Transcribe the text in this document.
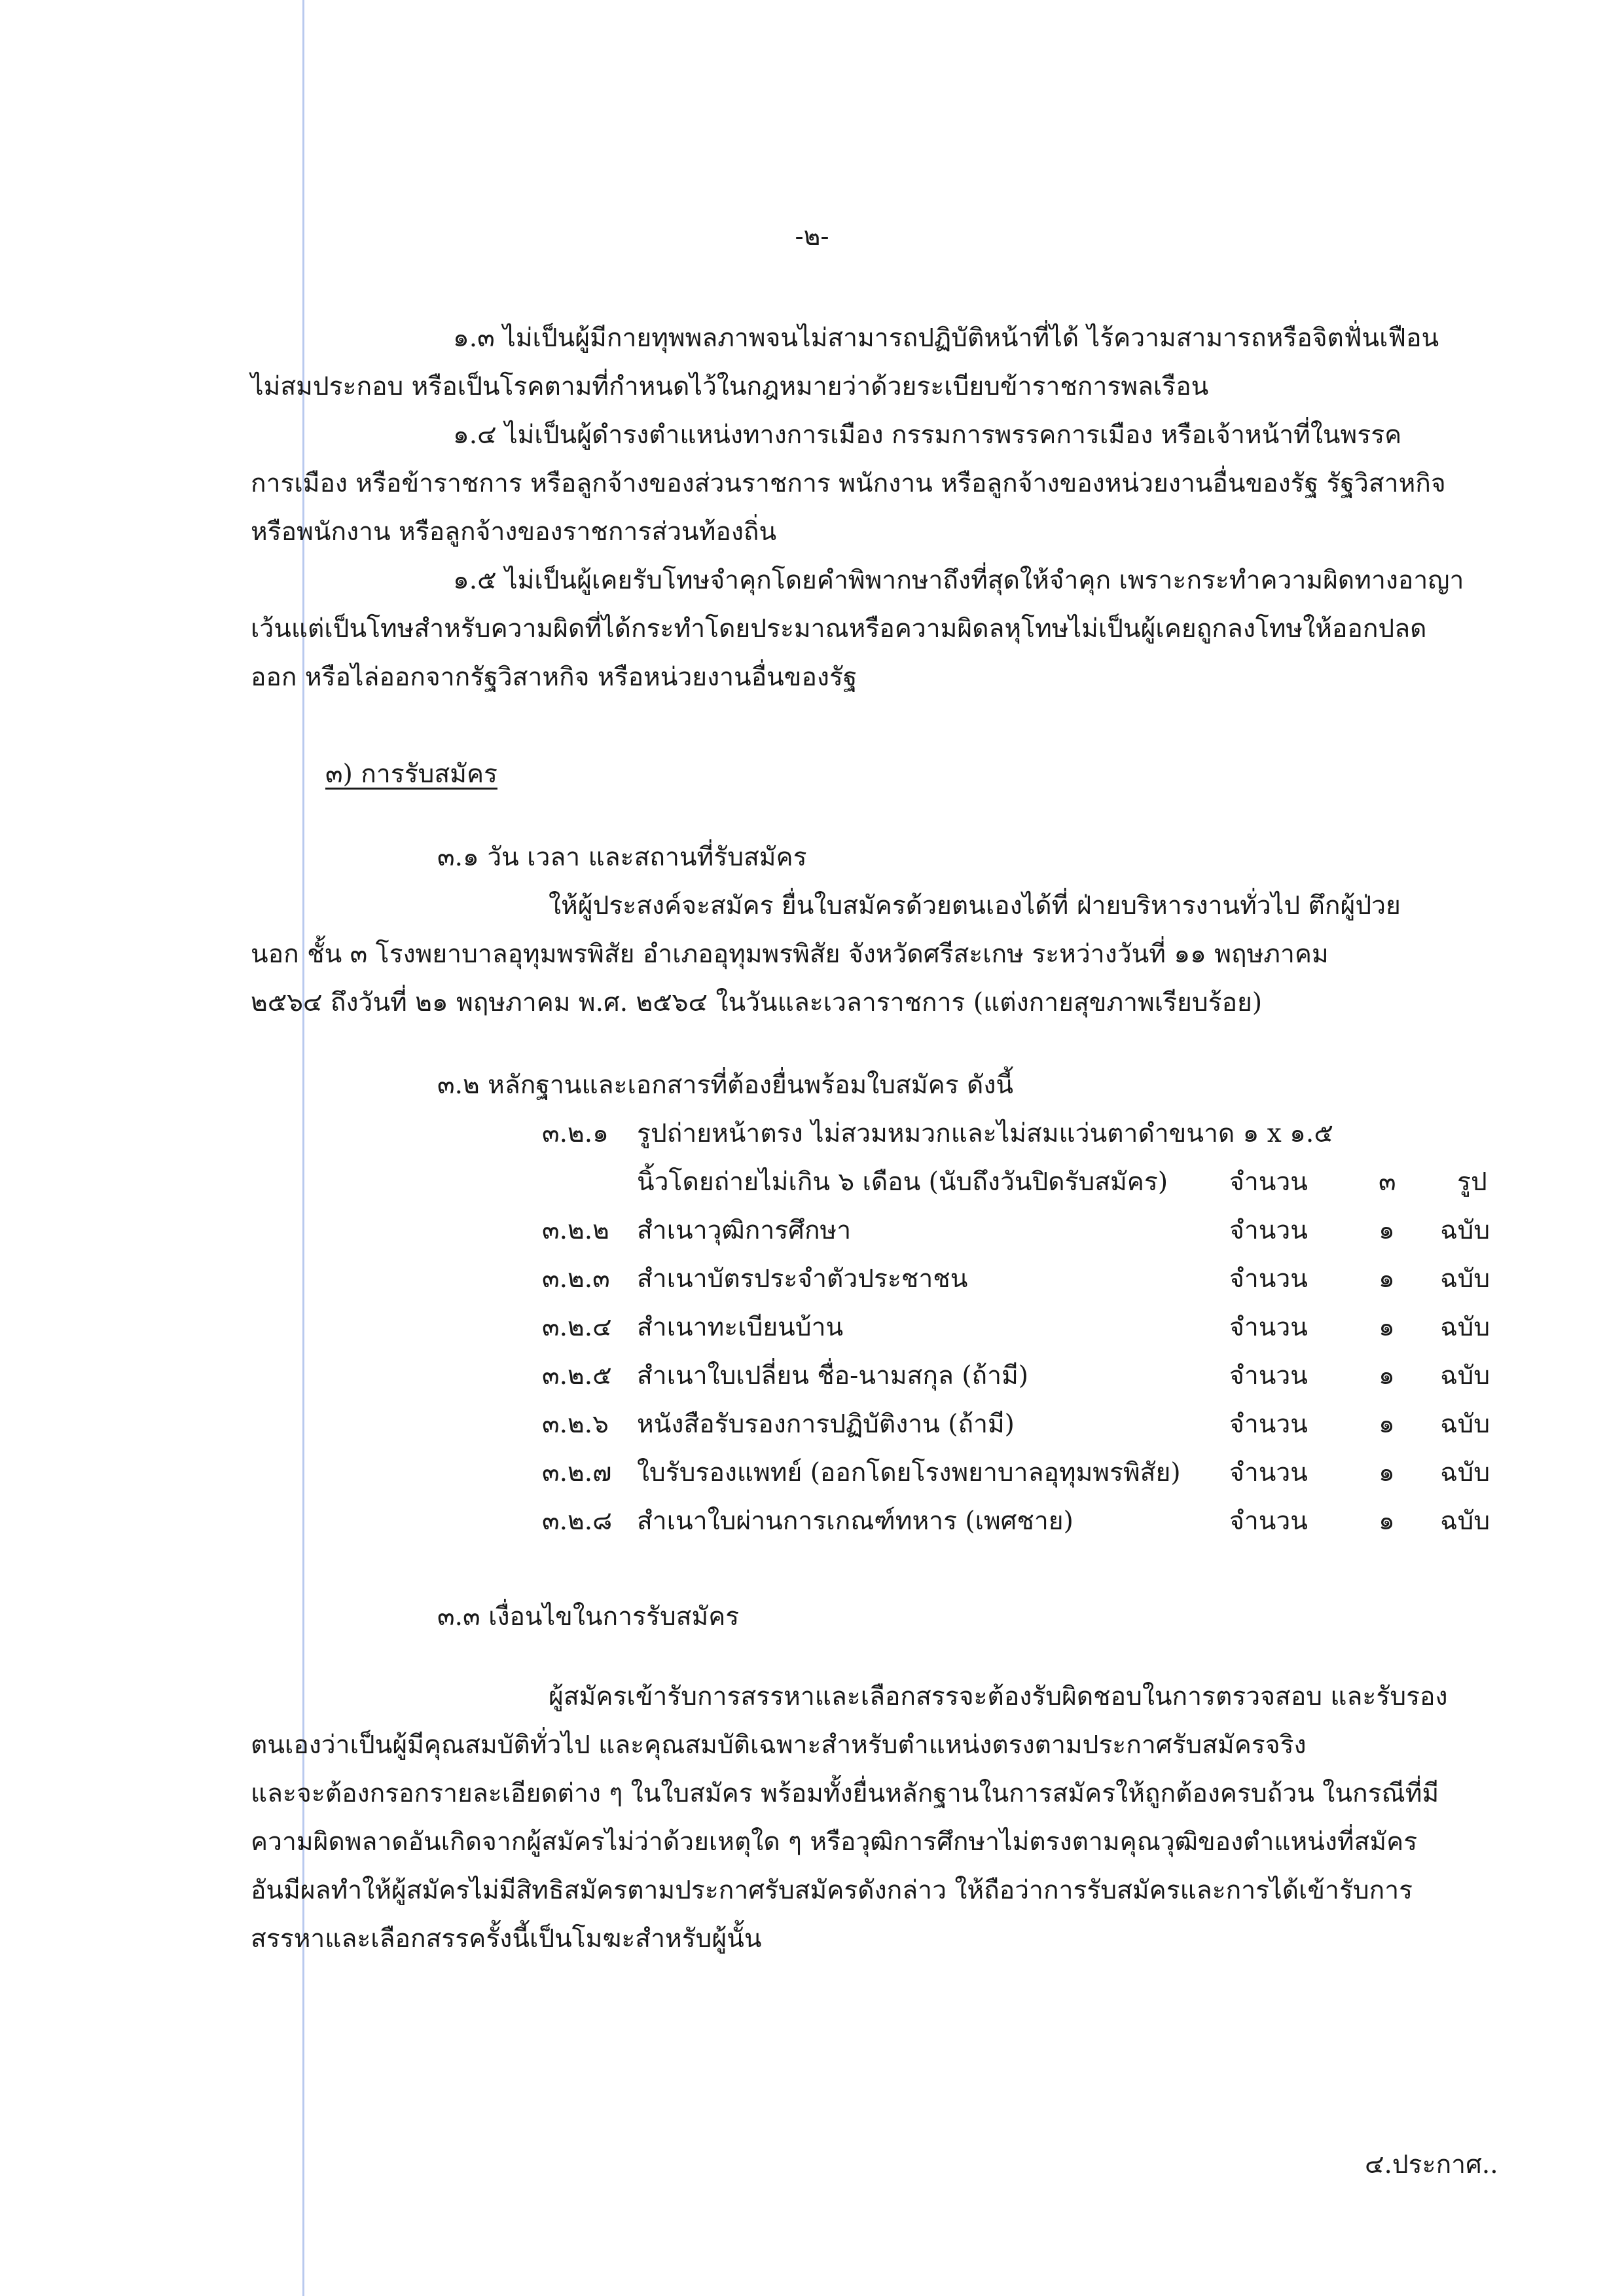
-๒-
๑.๓ ไม่เป็นผู้มีกายทุพพลภาพจนไม่สามารถปฏิบัติหน้าที่ได้ ไร้ความสามารถหรือจิตฟั่นเฟือน
ไม่สมประกอบ หรือเป็นโรคตามที่กำหนดไว้ในกฎหมายว่าด้วยระเบียบข้าราชการพลเรือน
๑.๔ ไม่เป็นผู้ดำรงตำแหน่งทางการเมือง กรรมการพรรคการเมือง หรือเจ้าหน้าที่ในพรรค
การเมือง หรือข้าราชการ หรือลูกจ้างของส่วนราชการ พนักงาน หรือลูกจ้างของหน่วยงานอื่นของรัฐ รัฐวิสาหกิจ
หรือพนักงาน หรือลูกจ้างของราชการส่วนท้องถิ่น
๑.๕ ไม่เป็นผู้เคยรับโทษจำคุกโดยคำพิพากษาถึงที่สุดให้จำคุก เพราะกระทำความผิดทางอาญา
เว้นแต่เป็นโทษสำหรับความผิดที่ได้กระทำโดยประมาณหรือความผิดลหุโทษไม่เป็นผู้เคยถูกลงโทษให้ออกปลด
ออก หรือไล่ออกจากรัฐวิสาหกิจ หรือหน่วยงานอื่นของรัฐ
๓) การรับสมัคร
๓.๑ วัน เวลา และสถานที่รับสมัคร
ให้ผู้ประสงค์จะสมัคร ยื่นใบสมัครด้วยตนเองได้ที่ ฝ่ายบริหารงานทั่วไป ตึกผู้ป่วย
นอก ชั้น ๓ โรงพยาบาลอุทุมพรพิสัย อำเภออุทุมพรพิสัย จังหวัดศรีสะเกษ ระหว่างวันที่ ๑๑ พฤษภาคม
๒๕๖๔ ถึงวันที่ ๒๑ พฤษภาคม พ.ศ. ๒๕๖๔ ในวันและเวลาราชการ (แต่งกายสุขภาพเรียบร้อย)
๓.๒ หลักฐานและเอกสารที่ต้องยื่นพร้อมใบสมัคร ดังนี้
๓.๒.๑ รูปถ่ายหน้าตรง ไม่สวมหมวกและไม่สมแว่นตาดำขนาด ๑ x ๑.๕
นิ้วโดยถ่ายไม่เกิน ๖ เดือน (นับถึงวันปิดรับสมัคร) จำนวน	๓ รูป
๓.๒.๒ สำเนาวุฒิการศึกษา	จำนวน	๑ ฉบับ
๓.๒.๓ สำเนาบัตรประจำตัวประชาชน	จำนวน	๑ ฉบับ
๓.๒.๔ สำเนาทะเบียนบ้าน	จำนวน	๑ ฉบับ
๓.๒.๕ สำเนาใบเปลี่ยน ชื่อ-นามสกุล (ถ้ามี)	จำนวน	๑ ฉบับ
๓.๒.๖ หนังสือรับรองการปฏิบัติงาน (ถ้ามี)	จำนวน	๑ ฉบับ
๓.๒.๗ ใบรับรองแพทย์ (ออกโดยโรงพยาบาลอุทุมพรพิสัย) จำนวน	๑ ฉบับ
๓.๒.๘ สำเนาใบผ่านการเกณฑ์ทหาร (เพศชาย)	จำนวน	๑ ฉบับ
๓.๓ เงื่อนไขในการรับสมัคร
ผู้สมัครเข้ารับการสรรหาและเลือกสรรจะต้องรับผิดชอบในการตรวจสอบ และรับรอง
ตนเองว่าเป็นผู้มีคุณสมบัติทั่วไป และคุณสมบัติเฉพาะสำหรับตำแหน่งตรงตามประกาศรับสมัครจริง
และจะต้องกรอกรายละเอียดต่าง ๆ ในใบสมัคร พร้อมทั้งยื่นหลักฐานในการสมัครให้ถูกต้องครบถ้วน ในกรณีที่มี
ความผิดพลาดอันเกิดจากผู้สมัครไม่ว่าด้วยเหตุใด ๆ หรือวุฒิการศึกษาไม่ตรงตามคุณวุฒิของตำแหน่งที่สมัคร
อันมีผลทำให้ผู้สมัครไม่มีสิทธิสมัครตามประกาศรับสมัครดังกล่าว ให้ถือว่าการรับสมัครและการได้เข้ารับการ
สรรหาและเลือกสรรครั้งนี้เป็นโมฆะสำหรับผู้นั้น
๔.ประกาศ..
